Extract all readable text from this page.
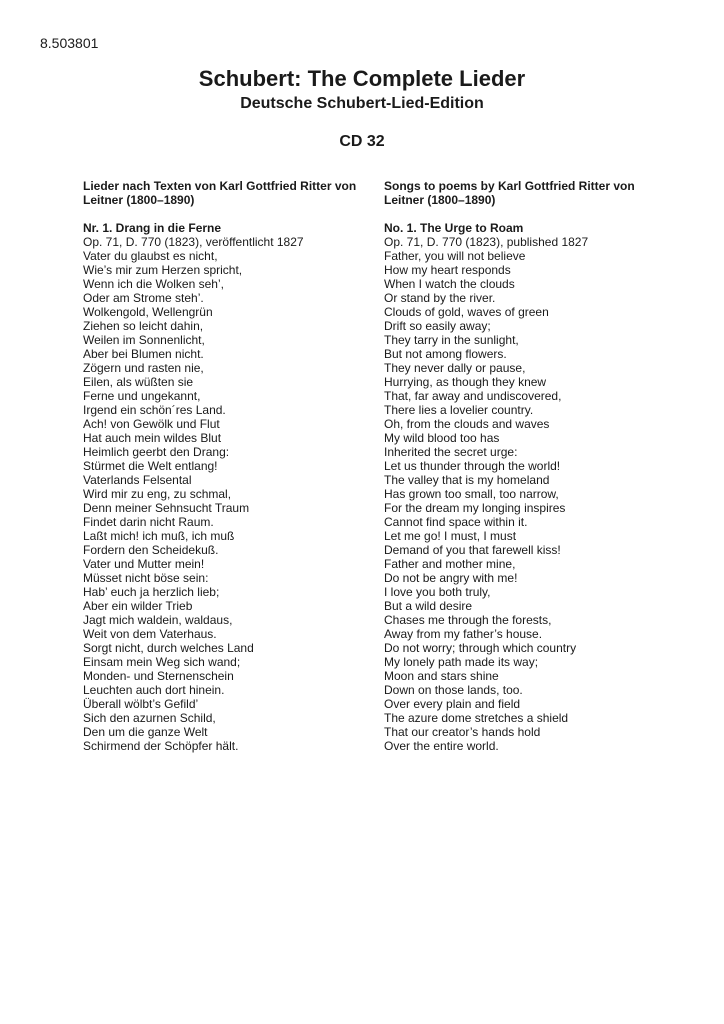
8.503801
Schubert: The Complete Lieder
Deutsche Schubert-Lied-Edition
CD 32

Lieder nach Texten von Karl Gottfried Ritter von
Leitner (1800–1890)

Nr. 1. Drang in die Ferne
Op. 71, D. 770 (1823), veröffentlicht 1827

Vater du glaubst es nicht,
Wie’s mir zum Herzen spricht,
Wenn ich die Wolken seh’,
Oder am Strome steh’.

Wolkengold, Wellengrün
Ziehen so leicht dahin,
Weilen im Sonnenlicht,
Aber bei Blumen nicht.

Zögern und rasten nie,
Eilen, als wüßten sie
Ferne und ungekannt,
Irgend ein schön´res Land.

Ach! von Gewölk und Flut
Hat auch mein wildes Blut
Heimlich geerbt den Drang:
Stürmet die Welt entlang!

Vaterlands Felsental
Wird mir zu eng, zu schmal,
Denn meiner Sehnsucht Traum
Findet darin nicht Raum.

Laßt mich! ich muß, ich muß
Fordern den Scheidekuß.
Vater und Mutter mein!
Müsset nicht böse sein:

Hab’ euch ja herzlich lieb;
Aber ein wilder Trieb
Jagt mich waldein, waldaus,
Weit von dem Vaterhaus.

Sorgt nicht, durch welches Land
Einsam mein Weg sich wand;
Monden- und Sternenschein
Leuchten auch dort hinein.

Überall wölbt’s Gefild’
Sich den azurnen Schild,
Den um die ganze Welt
Schirmend der Schöpfer hält.

Songs to poems by Karl Gottfried Ritter von
Leitner (1800–1890)

No. 1. The Urge to Roam
Op. 71, D. 770 (1823), published 1827

Father, you will not believe
How my heart responds
When I watch the clouds
Or stand by the river.

Clouds of gold, waves of green
Drift so easily away;
They tarry in the sunlight,
But not among flowers.

They never dally or pause,
Hurrying, as though they knew
That, far away and undiscovered,
There lies a lovelier country.

Oh, from the clouds and waves
My wild blood too has
Inherited the secret urge:
Let us thunder through the world!

The valley that is my homeland
Has grown too small, too narrow,
For the dream my longing inspires
Cannot find space within it.

Let me go! I must, I must
Demand of you that farewell kiss!
Father and mother mine,
Do not be angry with me!

I love you both truly,
But a wild desire
Chases me through the forests,
Away from my father’s house.

Do not worry; through which country
My lonely path made its way;
Moon and stars shine
Down on those lands, too.

Over every plain and field
The azure dome stretches a shield
That our creator’s hands hold
Over the entire world.
